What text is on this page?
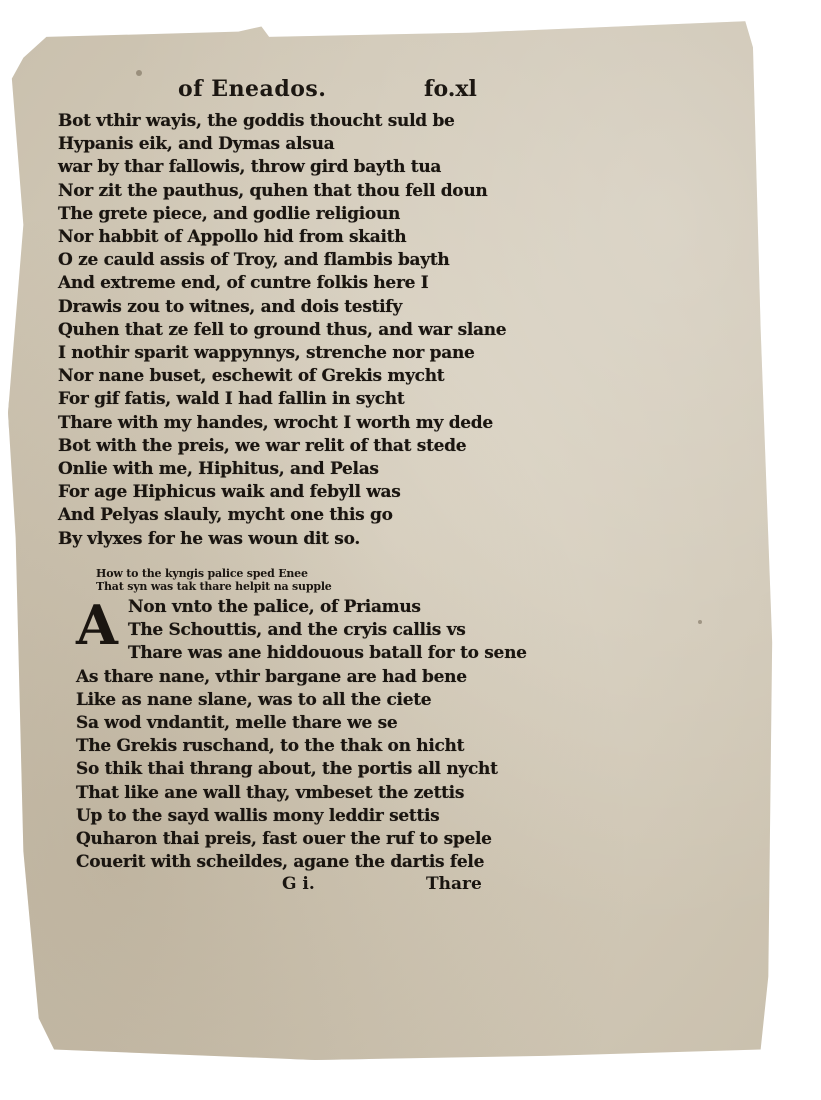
of Eneados.	fo.xl
Bot vthir wayis, the goddis thoucht suld be
Hypanis eik, and Dymas alsua
war by thar fallowis, throw gird bayth tua
Nor zit the pauthus, quhen that thou fell doun
The grete piece, and godlie religioun
Nor habbit of Appollo hid from skaith
O ze cauld assis of Troy, and flambis bayth
And extreme end, of cuntre folkis here I
Drawis zou to witnes, and dois testify
Quhen that ze fell to ground thus, and war slane
I nothir sparit wappynnys, strenche nor pane
Nor nane buset, eschewit of Grekis mycht
For gif fatis, wald I had fallin in sycht
Thare with my handes, wrocht I worth my dede
Bot with the preis, we war relit of that stede
Onlie with me, Hiphitus, and Pelas
For age Hiphicus waik and febyll was
And Pelyas slauly, mycht one this go
By vlyxes for he was woun dit so.
How to the kyngis palice sped Enee
That syn was tak thare helpit na supple
A Non vnto the palice, of Priamus
The Schouttis, and the cryis callis vs
Thare was ane hiddouous batall for to sene
As thare nane, vthir bargane are had bene
Like as nane slane, was to all the ciete
Sa wod vndantit, melle thare we se
The Grekis ruschand, to the thak on hicht
So thik thai thrang about, the portis all nycht
That like ane wall thay, vmbeset the zettis
Up to the sayd wallis mony leddir settis
Quharon thai preis, fast ouer the ruf to spele
Couerit with scheildes, agane the dartis fele
G i.	Thare
